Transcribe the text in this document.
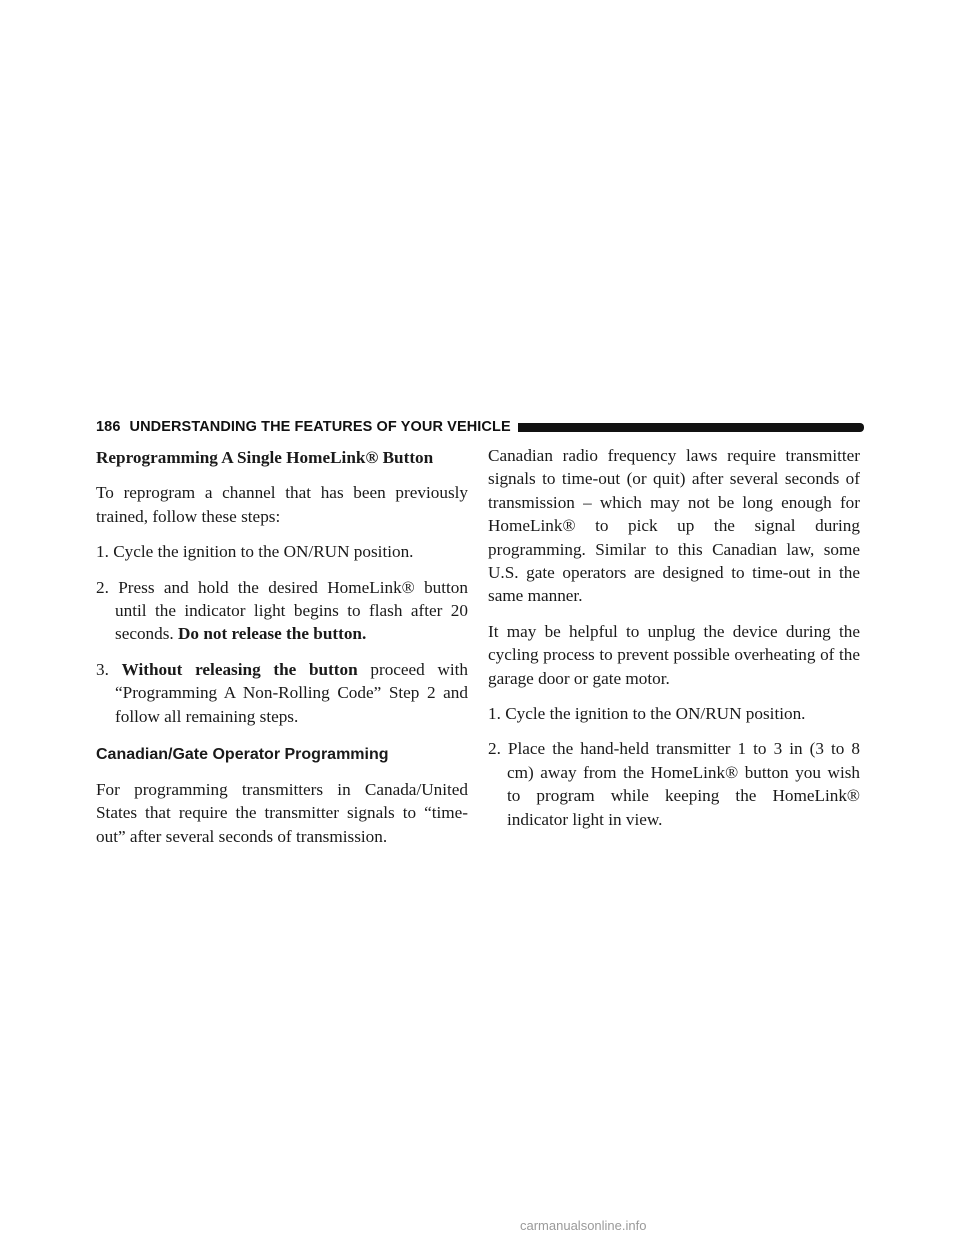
186 UNDERSTANDING THE FEATURES OF YOUR VEHICLE
Reprogramming A Single HomeLink® Button

To reprogram a channel that has been previously trained, follow these steps:

1. Cycle the ignition to the ON/RUN position.

2. Press and hold the desired HomeLink® button until the indicator light begins to flash after 20 seconds. Do not release the button.

3. Without releasing the button proceed with “Programming A Non-Rolling Code” Step 2 and follow all remaining steps.

Canadian/Gate Operator Programming

For programming transmitters in Canada/United States that require the transmitter signals to “time-out” after several seconds of transmission.

Canadian radio frequency laws require transmitter signals to time-out (or quit) after several seconds of transmission – which may not be long enough for HomeLink® to pick up the signal during programming. Similar to this Canadian law, some U.S. gate operators are designed to time-out in the same manner.

It may be helpful to unplug the device during the cycling process to prevent possible overheating of the garage door or gate motor.

1. Cycle the ignition to the ON/RUN position.

2. Place the hand-held transmitter 1 to 3 in (3 to 8 cm) away from the HomeLink® button you wish to program while keeping the HomeLink® indicator light in view.

carmanualsonline.info
